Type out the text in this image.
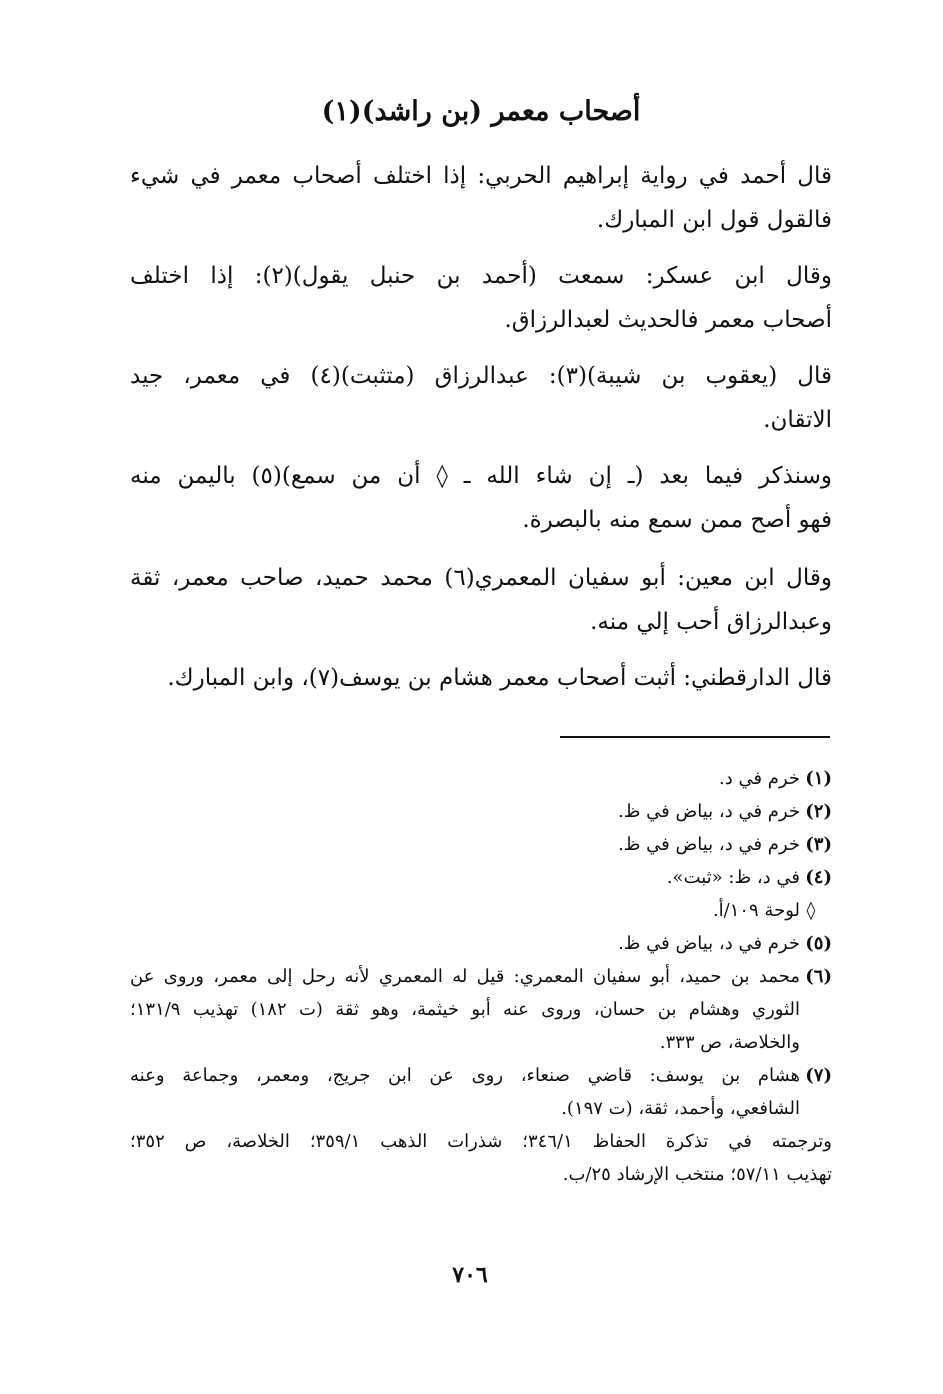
أصحاب معمر (بن راشد)(١)
قال أحمد في رواية إبراهيم الحربي: إذا اختلف أصحاب معمر في شيء
فالقول قول ابن المبارك.
وقال ابن عسكر: سمعت (أحمد بن حنبل يقول)(٢): إذا اختلف
أصحاب معمر فالحديث لعبدالرزاق.
قال (يعقوب بن شيبة)(٣): عبدالرزاق (متثبت)(٤) في معمر، جيد
الاتقان.
وسنذكر فيما بعد (ـ إن شاء الله ـ ◊ أن من سمع)(٥) باليمن منه
فهو أصح ممن سمع منه بالبصرة.
وقال ابن معين: أبو سفيان المعمري(٦) محمد حميد، صاحب معمر، ثقة
وعبدالرزاق أحب إلي منه.
قال الدارقطني: أثبت أصحاب معمر هشام بن يوسف(٧)، وابن المبارك.
(١)
خرم في د.
(٢)
خرم في د، بياض في ظ.
(٣)
خرم في د، بياض في ظ.
(٤)
في د، ظ: «ثبت».
◊
لوحة ١٠٩/أ.
(٥)
خرم في د، بياض في ظ.
(٦)
محمد بن حميد، أبو سفيان المعمري: قيل له المعمري لأنه رحل إلى معمر، وروى عن
الثوري وهشام بن حسان، وروى عنه أبو خيثمة، وهو ثقة (ت ١٨٢) تهذيب ١٣١/٩؛
والخلاصة، ص ٣٣٣.
(٧)
هشام بن يوسف: قاضي صنعاء، روى عن ابن جريج، ومعمر، وجماعة وعنه
الشافعي، وأحمد، ثقة، (ت ١٩٧).
وترجمته في تذكرة الحفاظ ٣٤٦/١؛ شذرات الذهب ٣٥٩/١؛ الخلاصة، ص ٣٥٢؛
تهذيب ٥٧/١١؛ منتخب الإرشاد ٢٥/ب.
٧٠٦
